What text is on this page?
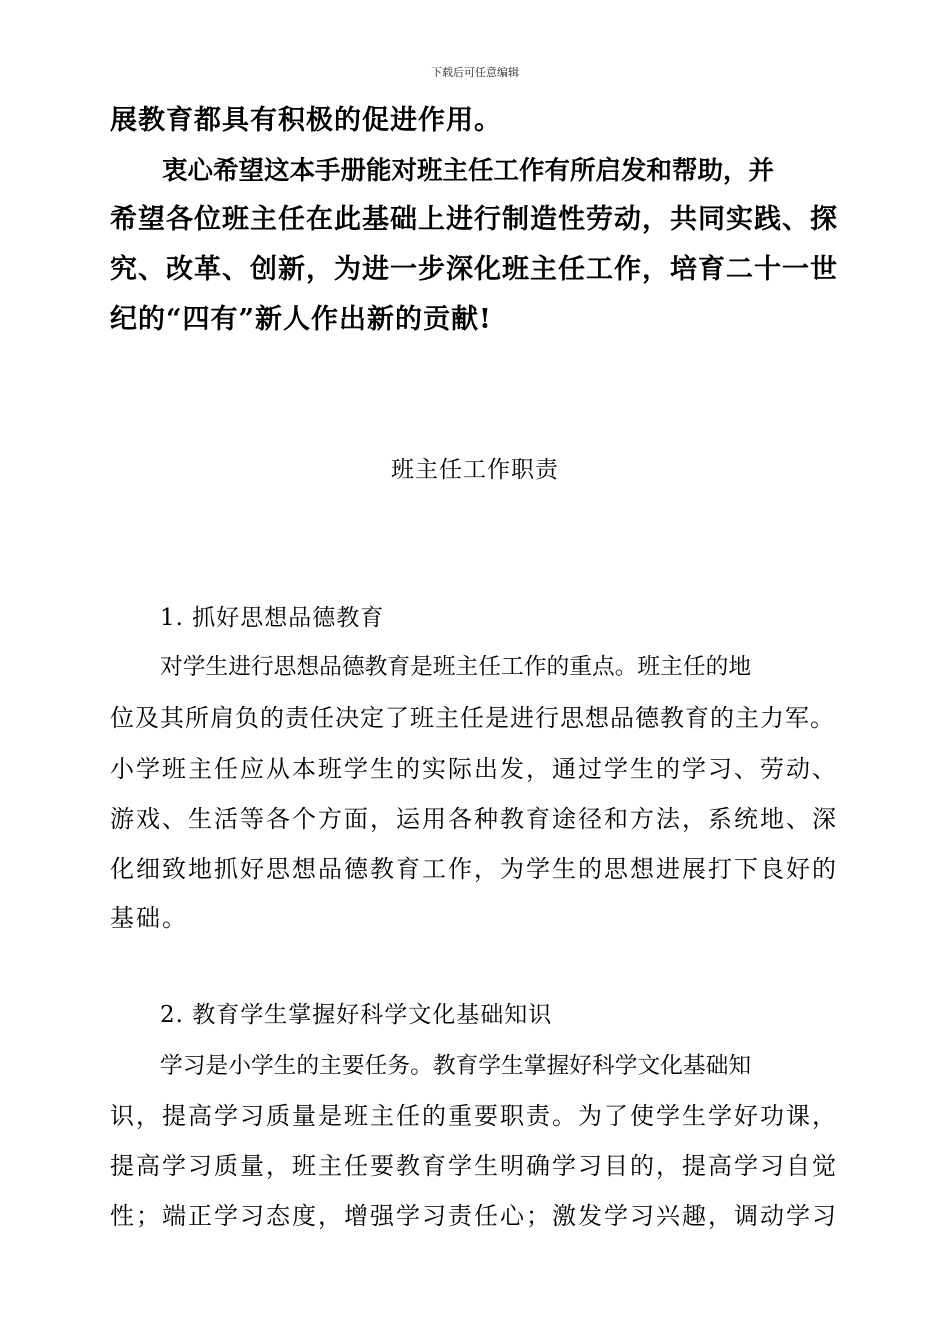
下载后可任意编辑
展教育都具有积极的促进作用。
衷心希望这本手册能对班主任工作有所启发和帮助，并
希望各位班主任在此基础上进行制造性劳动，共同实践、探
究、改革、创新，为进一步深化班主任工作，培育二十一世
纪的“四有”新人作出新的贡献!
班主任工作职责
1. 抓好思想品德教育
对学生进行思想品德教育是班主任工作的重点。班主任的地
位及其所肩负的责任决定了班主任是进行思想品德教育的主力军。
小学班主任应从本班学生的实际出发，通过学生的学习、劳动、
游戏、生活等各个方面，运用各种教育途径和方法，系统地、深
化细致地抓好思想品德教育工作，为学生的思想进展打下良好的
基础。
2. 教育学生掌握好科学文化基础知识
学习是小学生的主要任务。教育学生掌握好科学文化基础知
识，提高学习质量是班主任的重要职责。为了使学生学好功课，
提高学习质量，班主任要教育学生明确学习目的，提高学习自觉
性；端正学习态度，增强学习责任心；激发学习兴趣，调动学习
